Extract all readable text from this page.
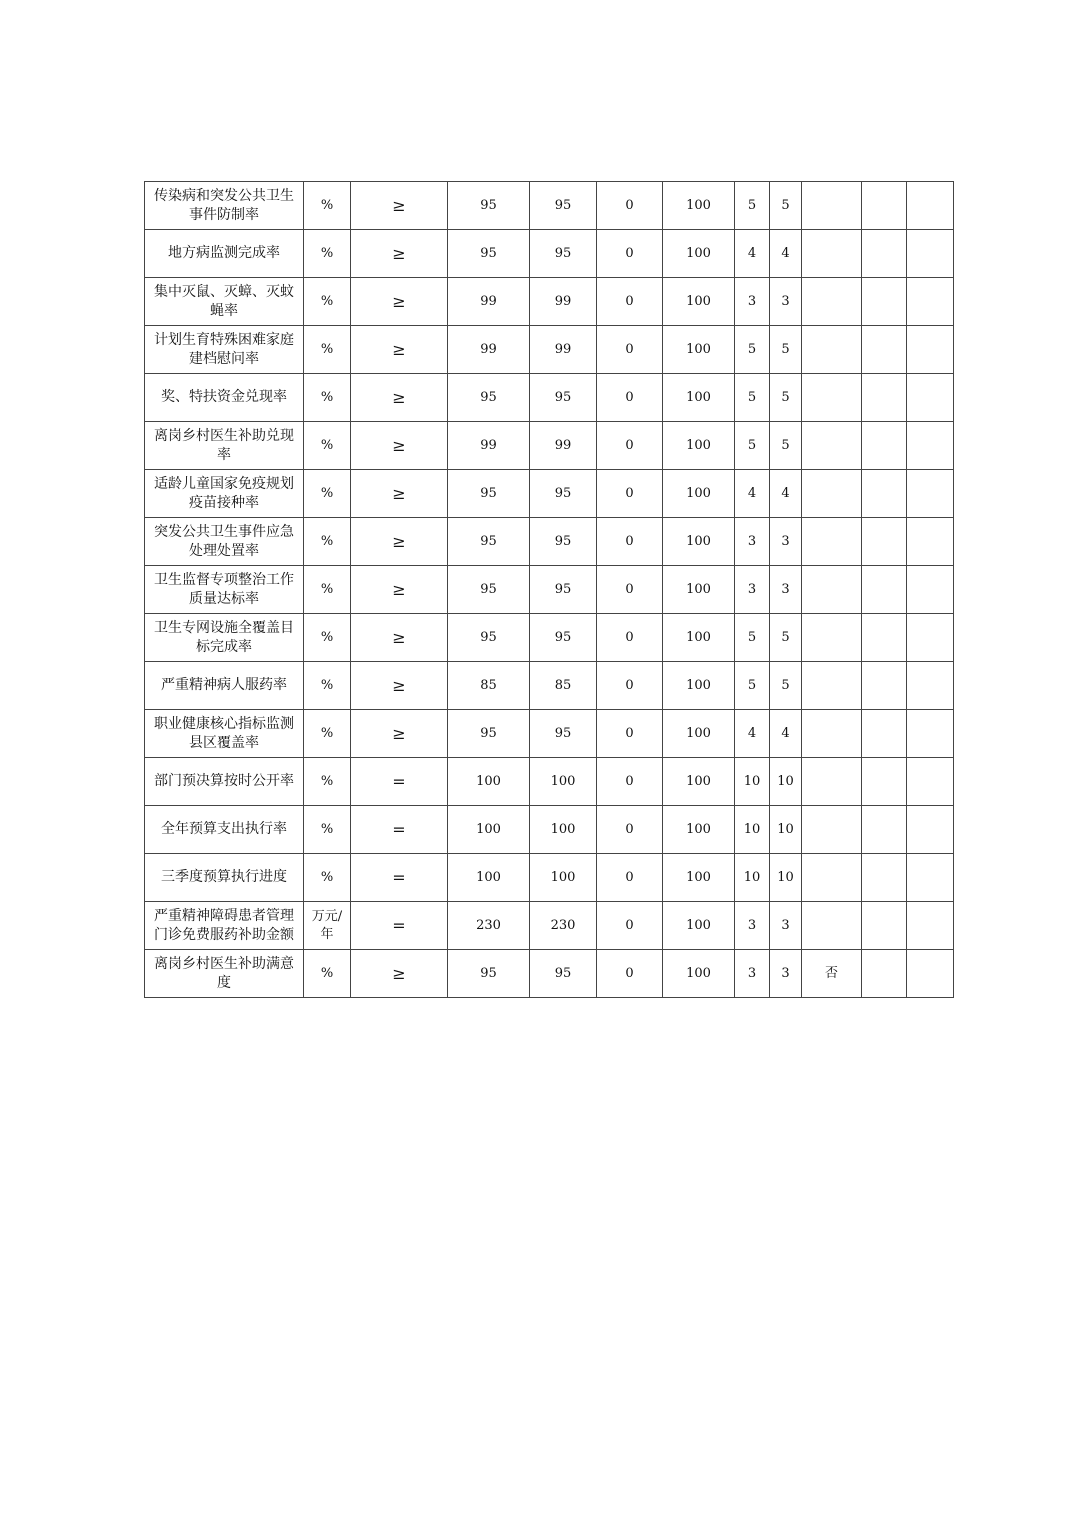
传染病和突发公共卫生事件防制率	%	≥	95	95	0	100	5	5			
地方病监测完成率	%	≥	95	95	0	100	4	4			
集中灭鼠、灭蟑、灭蚊蝇率	%	≥	99	99	0	100	3	3			
计划生育特殊困难家庭建档慰问率	%	≥	99	99	0	100	5	5			
奖、特扶资金兑现率	%	≥	95	95	0	100	5	5			
离岗乡村医生补助兑现率	%	≥	99	99	0	100	5	5			
适龄儿童国家免疫规划疫苗接种率	%	≥	95	95	0	100	4	4			
突发公共卫生事件应急处理处置率	%	≥	95	95	0	100	3	3			
卫生监督专项整治工作质量达标率	%	≥	95	95	0	100	3	3			
卫生专网设施全覆盖目标完成率	%	≥	95	95	0	100	5	5			
严重精神病人服药率	%	≥	85	85	0	100	5	5			
职业健康核心指标监测县区覆盖率	%	≥	95	95	0	100	4	4			
部门预决算按时公开率	%	=	100	100	0	100	10	10			
全年预算支出执行率	%	=	100	100	0	100	10	10			
三季度预算执行进度	%	=	100	100	0	100	10	10			
严重精神障碍患者管理门诊免费服药补助金额	万元/年	=	230	230	0	100	3	3			
离岗乡村医生补助满意度	%	≥	95	95	0	100	3	3	否		
